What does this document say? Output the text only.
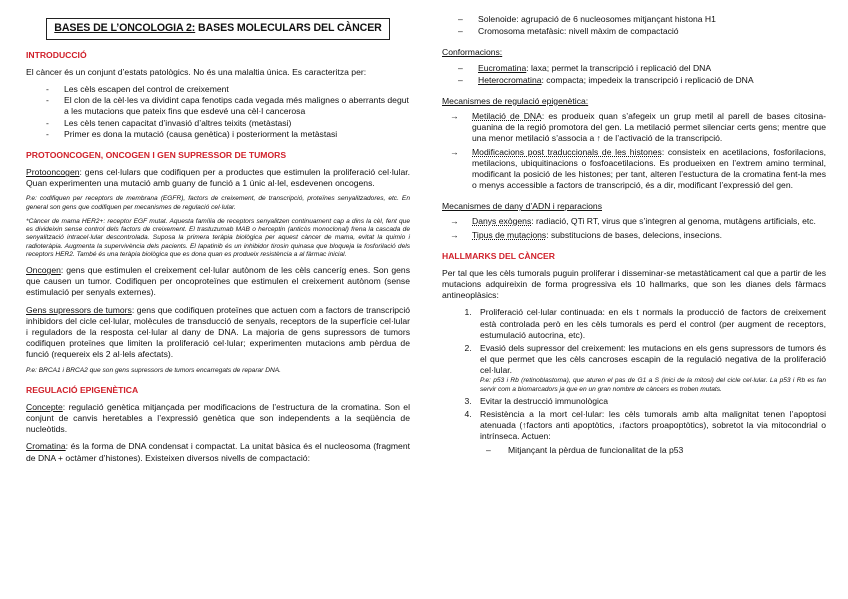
BASES DE L’ONCOLOGIA 2: BASES MOLECULARS DEL CÀNCER
INTRODUCCIÓ

El càncer és un conjunt d’estats patològics. No és una malaltia única. Es caracteritza per:

- Les cèls escapen del control de creixement
- El clon de la cèl·les va dividint capa fenotips cada vegada més malignes o aberrants degut a les mutacions que pateix fins que esdevé una cèl·l cancerosa
- Les cèls tenen capacitat d’invasió d’altres teixits (metàstasi)
- Primer es dona la mutació (causa genètica) i posteriorment la metàstasi
PROTOONCOGEN, ONCOGEN I GEN SUPRESSOR DE TUMORS

Protooncogen: gens cel·lulars que codifiquen per a productes que estimulen la proliferació cel·lular. Quan experimenten una mutació amb guany de funció a 1 únic al·lel, esdevenen oncogens.

P.e: codifiquen per receptors de membrana (EGFR), factors de creixement, de transcripció, proteïnes senyalitzadores, etc. En general son gens que codifiquen per mecanismes de regulació cel·lular.
*Càncer de mama HER2+: receptor EGF mutat. Aquesta família de receptors senyalitzen continuament cap a dins la cèl, fent que es divideixin sense control dels factors de creixement. El trastuzumab MAB o herceptin (anticòs monoclonal) frena la cascada de senyalització intracel·lular descontrolada. Suposa la primera teràpia biològica per aquest càncer de mama, evitat la quimio i radioteràpia. Augmenta la supervivència dels pacients. El lapatinib és un inhibidor tirosin quinasa que bloqueja la fosforilació dels receptors HER2. També és una teràpia biològica que es dona quan es produeix resistència a al fàrmac inicial.

Oncogen: gens que estimulen el creixement cel·lular autònom de les cèls canceríg enes. Son gens que causen un tumor. Codifiquen per oncoproteïnes que estimulen el creixement autònom (sense estimulació per senyals externes).

Gens supressors de tumors: gens que codifiquen proteïnes que actuen com a factors de transcripció inhibidors del cicle cel·lular, molècules de transducció de senyals, receptors de la superfície cel·lular i reguladors de la resposta cel·lular al dany de DNA. La majoria de gens supressors de tumors codifiquen proteïnes que limiten la proliferació cel·lular; experimenten mutacions amb pèrdua de funció (requereix els 2 al·lels afectats).

P.e: BRCA1 i BRCA2 que son gens supressors de tumors encarregats de reparar DNA.
REGULACIÓ EPIGENÈTICA

Concepte: regulació genètica mitjançada per modificacions de l’estructura de la cromatina. Son el conjunt de canvis heretables a l’expressió genètica que son independents a la seqüència de nucleòtids.

Cromatina: és la forma de DNA condensat i compactat. La unitat bàsica és el nucleosoma (fragment de DNA + octàmer d’histones). Existeixen diversos nivells de compactació:

– Solenoide: agrupació de 6 nucleosomes mitjançant histona H1
– Cromosoma metafàsic: nivell màxim de compactació
Conformacions:
– Eucromatina: laxa; permet la transcripció i replicació del DNA
– Heterocromatina: compacta; impedeix la transcripció i replicació de DNA
Mecanismes de regulació epigenètica:
→ Metilació de DNA: es produeix quan s’afegeix un grup metil al parell de bases citosina-guanina de la regió promotora del gen. La metilació permet silenciar certs gens; mentre que una menor metilació s’associa a ↑ de l’activació de la transcripció.
→ Modificacions post traduccionals de les histones: consisteix en acetilacions, fosforilacions, metilacions, ubiquitinacions o fosfoacetilacions. Es produeixen en l’extrem amino terminal, modificant la posició de les histones; per tant, alteren l’estuctura de la cromatina fent-la mes o menys accessible a factors de transcripció, és a dir, modificant l’expressió del gen.
Mecanismes de dany d’ADN i reparacions
→ Danys exògens: radiació, QTi RT, virus que s’integren al genoma, mutàgens artificials, etc.
→ Tipus de mutacions: substitucions de bases, delecions, insecions.
HALLMARKS DEL CÀNCER

Per tal que les cèls tumorals puguin proliferar i disseminar-se metastàticament cal que a partir de les mutacions adquireixin de forma progressiva els 10 hallmarks, que son les dianes dels fàrmacs antineoplàsics:

1. Proliferació cel·lular continuada: en els t normals la producció de factors de creixement està controlada però en les cèls tumorals es perd el control (per augment de receptors, estumulació autocrina, etc).
2. Evasió dels supressor del creixement: les mutacions en els gens supressors de tumors és el que permet que les cèls cancroses escapin de la regulació negativa de la proliferació cel·lular.
P.e: p53 i Rb (retinoblastoma), que aturen el pas de G1 a S (inici de la mitosi) del cicle cel·lular. La p53 i Rb es fan servir com a biomarcadors ja que en un gran nombre de càncers es troben mutats.
3. Evitar la destrucció immunològica
4. Resistència a la mort cel·lular: les cèls tumorals amb alta malignitat tenen l’apoptosi atenuada (↑factors anti apoptòtics, ↓factors proapoptòtics), sobretot la via mitocondrial o intrínseca. Actuen:
– Mitjançant la pèrdua de funcionalitat de la p53
